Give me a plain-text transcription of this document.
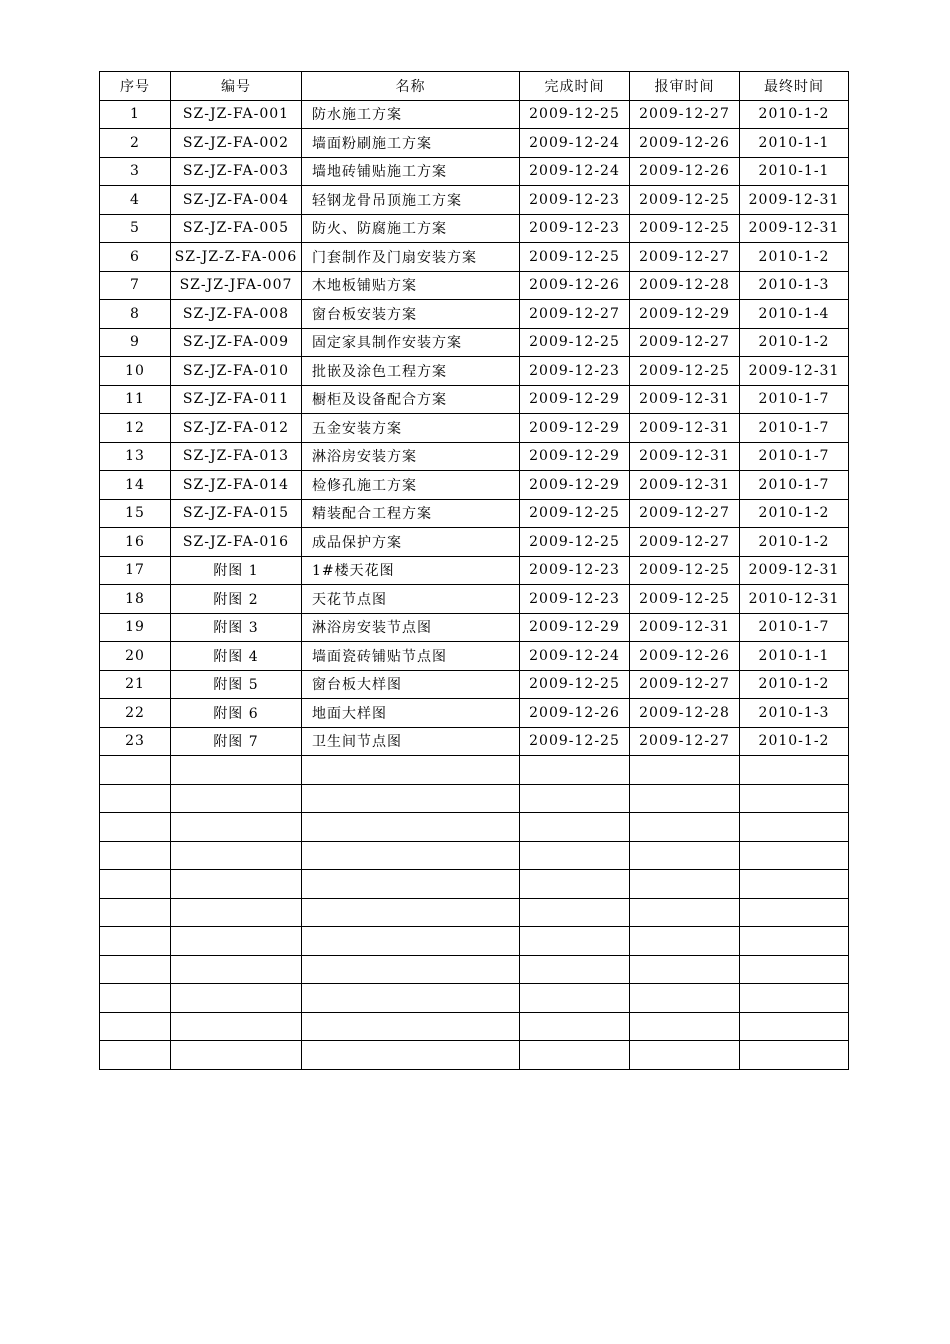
序号	编号	名称	完成时间	报审时间	最终时间
1	SZ-JZ-FA-001	防水施工方案	2009-12-25	2009-12-27	2010-1-2
2	SZ-JZ-FA-002	墙面粉刷施工方案	2009-12-24	2009-12-26	2010-1-1
3	SZ-JZ-FA-003	墙地砖铺贴施工方案	2009-12-24	2009-12-26	2010-1-1
4	SZ-JZ-FA-004	轻钢龙骨吊顶施工方案	2009-12-23	2009-12-25	2009-12-31
5	SZ-JZ-FA-005	防火、防腐施工方案	2009-12-23	2009-12-25	2009-12-31
6	SZ-JZ-Z-FA-006	门套制作及门扇安装方案	2009-12-25	2009-12-27	2010-1-2
7	SZ-JZ-JFA-007	木地板铺贴方案	2009-12-26	2009-12-28	2010-1-3
8	SZ-JZ-FA-008	窗台板安装方案	2009-12-27	2009-12-29	2010-1-4
9	SZ-JZ-FA-009	固定家具制作安装方案	2009-12-25	2009-12-27	2010-1-2
10	SZ-JZ-FA-010	批嵌及涂色工程方案	2009-12-23	2009-12-25	2009-12-31
11	SZ-JZ-FA-011	橱柜及设备配合方案	2009-12-29	2009-12-31	2010-1-7
12	SZ-JZ-FA-012	五金安装方案	2009-12-29	2009-12-31	2010-1-7
13	SZ-JZ-FA-013	淋浴房安装方案	2009-12-29	2009-12-31	2010-1-7
14	SZ-JZ-FA-014	检修孔施工方案	2009-12-29	2009-12-31	2010-1-7
15	SZ-JZ-FA-015	精装配合工程方案	2009-12-25	2009-12-27	2010-1-2
16	SZ-JZ-FA-016	成品保护方案	2009-12-25	2009-12-27	2010-1-2
17	附图 1	1#楼天花图	2009-12-23	2009-12-25	2009-12-31
18	附图 2	天花节点图	2009-12-23	2009-12-25	2010-12-31
19	附图 3	淋浴房安装节点图	2009-12-29	2009-12-31	2010-1-7
20	附图 4	墙面瓷砖铺贴节点图	2009-12-24	2009-12-26	2010-1-1
21	附图 5	窗台板大样图	2009-12-25	2009-12-27	2010-1-2
22	附图 6	地面大样图	2009-12-26	2009-12-28	2010-1-3
23	附图 7	卫生间节点图	2009-12-25	2009-12-27	2010-1-2
